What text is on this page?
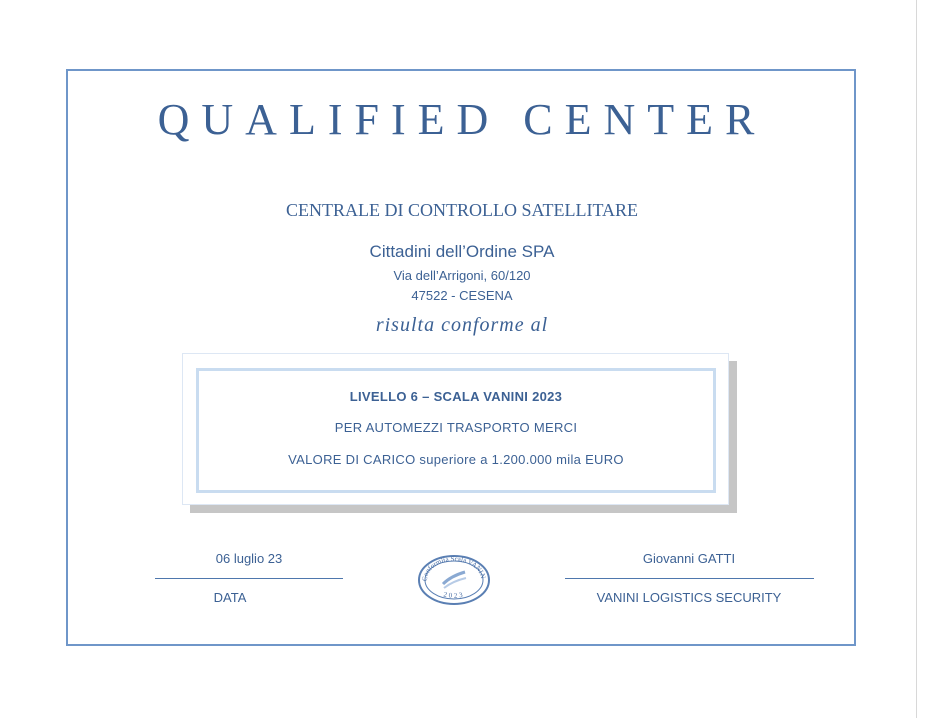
QUALIFIED CENTER
CENTRALE DI CONTROLLO SATELLITARE
Cittadini dell’Ordine SPA
Via dell’Arrigoni, 60/120
47522 - CESENA
risulta conforme al
LIVELLO 6 – SCALA VANINI 2023
PER AUTOMEZZI TRASPORTO MERCI
VALORE DI CARICO superiore a 1.200.000 mila EURO
06 luglio 23
DATA
Giovanni GATTI
VANINI LOGISTICS SECURITY
Conformità Scala VANIN
2023
